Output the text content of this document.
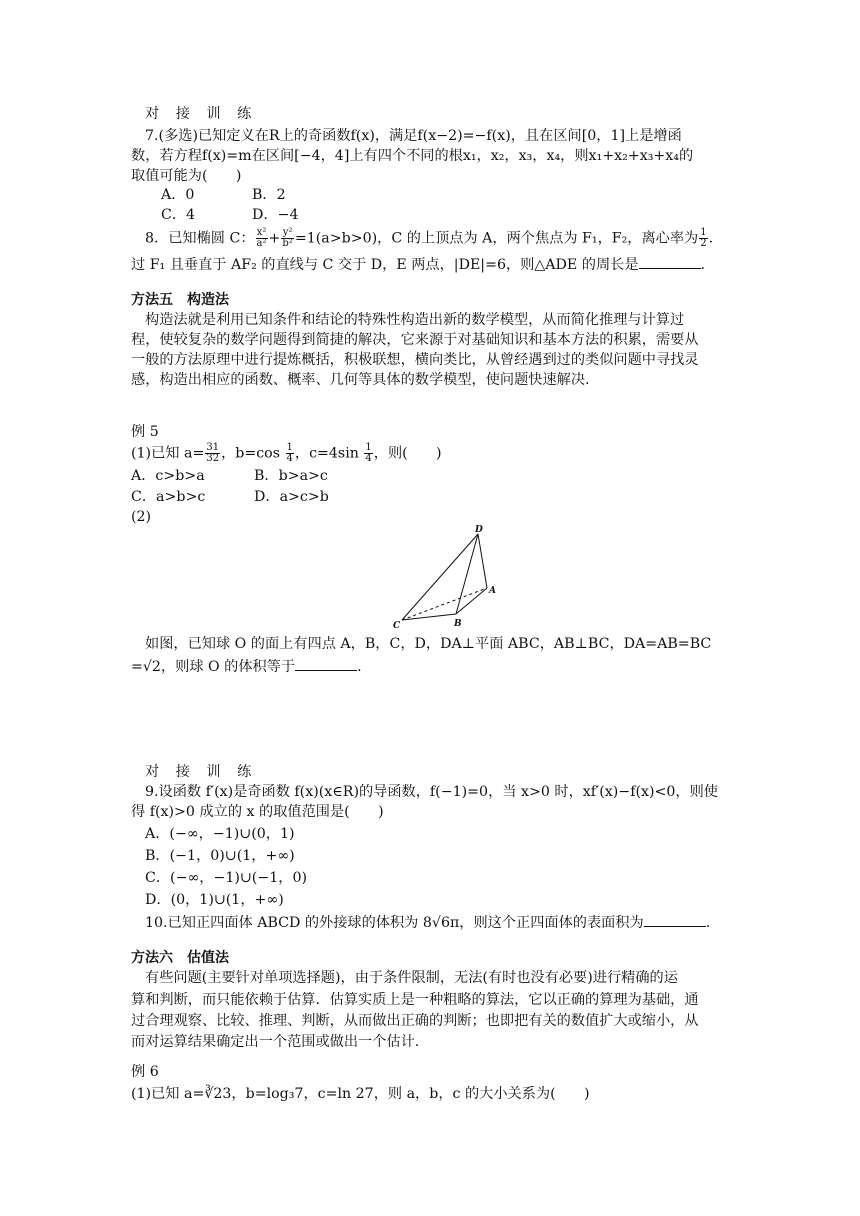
对 接 训 练
7.(多选)已知定义在R上的奇函数f(x)，满足f(x−2)=−f(x)，且在区间[0，1]上是增函
数，若方程f(x)=m在区间[−4，4]上有四个不同的根x₁，x₂，x₃，x₄，则x₁+x₂+x₃+x₄的
取值可能为(　　)
A．0	B．2
C．4	D．−4
8．已知椭圆 C： $\frac{\text{x²}}{\text{a²}} + \frac{\text{y²}}{\text{b²}} =1(a>b>0)$，C 的上顶点为 A，两个焦点为 F₁，F₂，离心率为 $\frac{1}{2}$ .
过 F₁ 且垂直于 AF₂ 的直线与 C 交于 D，E 两点，|DE|=6，则△ADE 的周长是	.
方法五　构造法
构造法就是利用已知条件和结论的特殊性构造出新的数学模型，从而简化推理与计算过
程，使较复杂的数学问题得到简捷的解决，它来源于对基础知识和基本方法的积累，需要从
一般的方法原理中进行提炼概括，积极联想，横向类比，从曾经遇到过的类似问题中寻找灵
感，构造出相应的函数、概率、几何等具体的数学模型，使问题快速解决.
例 5
(1)已知 $a= \frac{31}{32}$ ，$b=\cos \frac{1}{4}$ ，$c=4\sin \frac{1}{4}$ ，则(　　)
A．c>b>a	B．b>a>c
C．a>b>c	D．a>c>b
(2)
D
A
B
C
如图，已知球 O 的面上有四点 A，B，C，D，DA⊥平面 ABC，AB⊥BC，DA=AB=BC
=√2，则球 O 的体积等于	.
对 接 训 练
9.设函数 f′(x)是奇函数 f(x)(x∈R)的导函数，f(−1)=0，当 x>0 时，xf′(x)−f(x)<0，则使
得 f(x)>0 成立的 x 的取值范围是(　　)
A．(−∞，−1)∪(0，1)
B．(−1，0)∪(1，+∞)
C．(−∞，−1)∪(−1，0)
D．(0，1)∪(1，+∞)
10.已知正四面体 ABCD 的外接球的体积为 8√6π，则这个正四面体的表面积为	.
方法六　估值法
有些问题(主要针对单项选择题)，由于条件限制，无法(有时也没有必要)进行精确的运
算和判断，而只能依赖于估算．估算实质上是一种粗略的算法，它以正确的算理为基础，通
过合理观察、比较、推理、判断，从而做出正确的判断；也即把有关的数值扩大或缩小，从
而对运算结果确定出一个范围或做出一个估计.
例 6
(1)已知 a=∛23，b=log₃7，c=ln 27，则 a，b，c 的大小关系为(　　)
